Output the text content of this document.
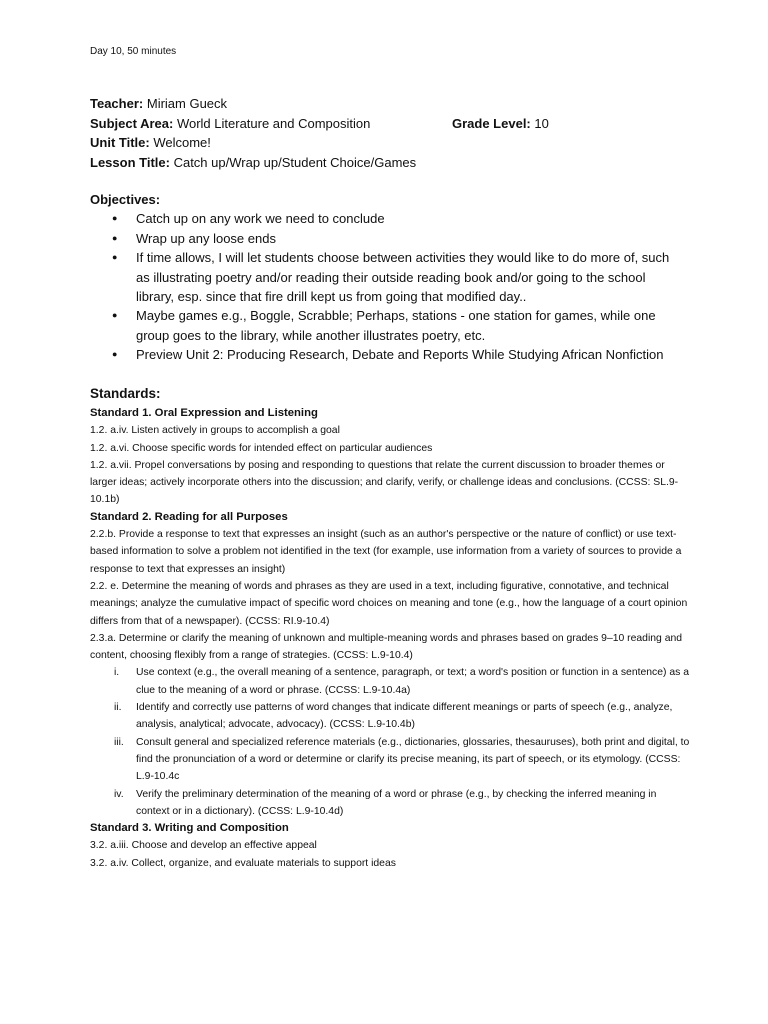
Day 10, 50 minutes
Teacher: Miriam Gueck
Subject Area: World Literature and Composition	Grade Level: 10
Unit Title: Welcome!
Lesson Title: Catch up/Wrap up/Student Choice/Games
Objectives:
● Catch up on any work we need to conclude
● Wrap up any loose ends
● If time allows, I will let students choose between activities they would like to do more of, such as illustrating poetry and/or reading their outside reading book and/or going to the school library, esp. since that fire drill kept us from going that modified day..
● Maybe games e.g., Boggle, Scrabble; Perhaps, stations - one station for games, while one group goes to the library, while another illustrates poetry, etc.
● Preview Unit 2: Producing Research, Debate and Reports While Studying African Nonfiction
Standards:
Standard 1. Oral Expression and Listening

1.2. a.iv. Listen actively in groups to accomplish a goal

1.2. a.vi. Choose specific words for intended effect on particular audiences

1.2. a.vii. Propel conversations by posing and responding to questions that relate the current discussion to broader themes or larger ideas; actively incorporate others into the discussion; and clarify, verify, or challenge ideas and conclusions. (CCSS: SL.9-10.1b)

Standard 2. Reading for all Purposes

2.2.b. Provide a response to text that expresses an insight (such as an author's perspective or the nature of conflict) or use text-based information to solve a problem not identified in the text (for example, use information from a variety of sources to provide a response to text that expresses an insight)

2.2. e. Determine the meaning of words and phrases as they are used in a text, including figurative, connotative, and technical meanings; analyze the cumulative impact of specific word choices on meaning and tone (e.g., how the language of a court opinion differs from that of a newspaper). (CCSS: RI.9-10.4)

2.3.a. Determine or clarify the meaning of unknown and multiple-meaning words and phrases based on grades 9–10 reading and content, choosing flexibly from a range of strategies. (CCSS: L.9-10.4)

i. Use context (e.g., the overall meaning of a sentence, paragraph, or text; a word's position or function in a sentence) as a clue to the meaning of a word or phrase. (CCSS: L.9-10.4a)
ii. Identify and correctly use patterns of word changes that indicate different meanings or parts of speech (e.g., analyze, analysis, analytical; advocate, advocacy). (CCSS: L.9-10.4b)
iii. Consult general and specialized reference materials (e.g., dictionaries, glossaries, thesauruses), both print and digital, to find the pronunciation of a word or determine or clarify its precise meaning, its part of speech, or its etymology. (CCSS: L.9-10.4c
iv. Verify the preliminary determination of the meaning of a word or phrase (e.g., by checking the inferred meaning in context or in a dictionary). (CCSS: L.9-10.4d)
Standard 3. Writing and Composition

3.2. a.iii. Choose and develop an effective appeal

3.2. a.iv. Collect, organize, and evaluate materials to support ideas
